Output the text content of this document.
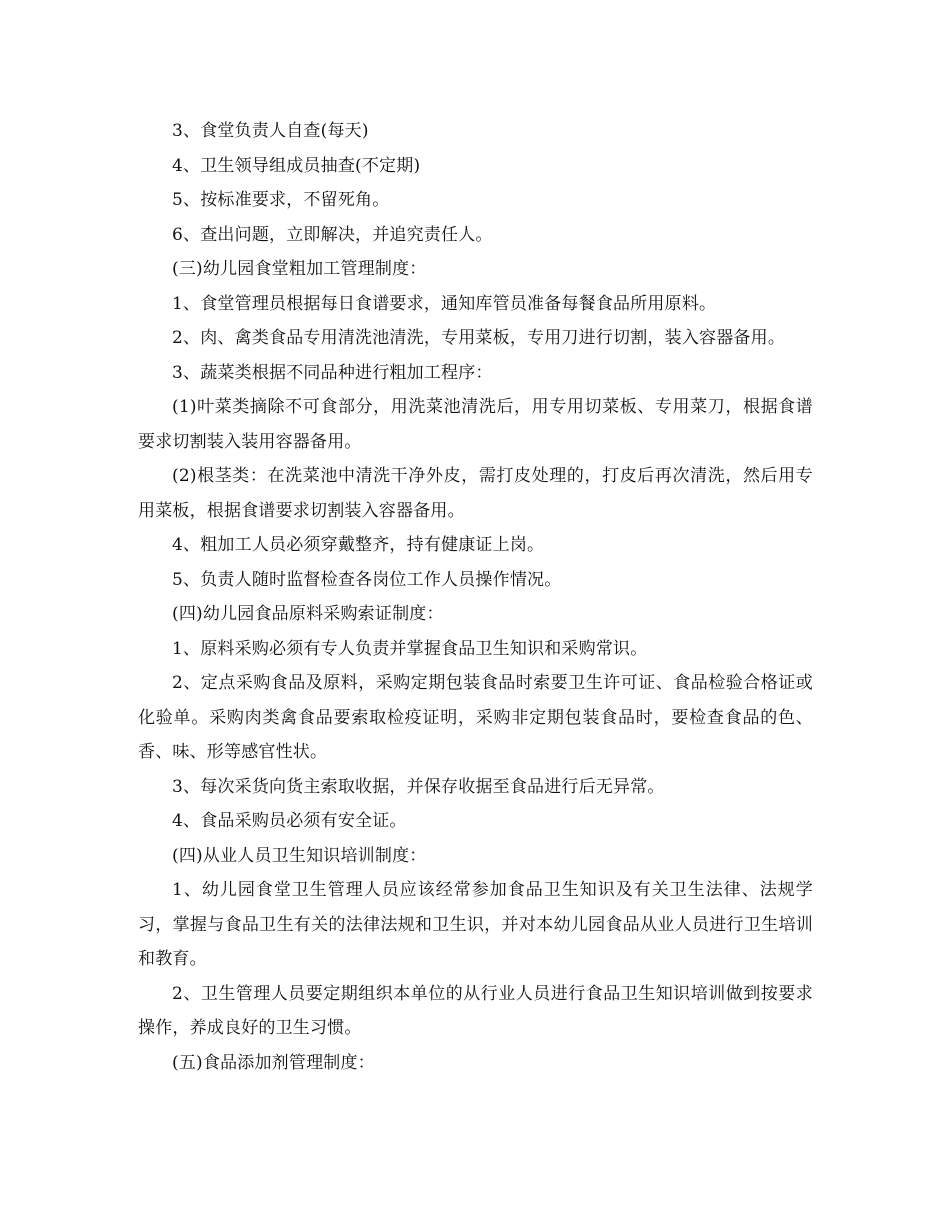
3、食堂负责人自查(每天)

4、卫生领导组成员抽查(不定期)

5、按标准要求，不留死角。

6、查出问题，立即解决，并追究责任人。

(三)幼儿园食堂粗加工管理制度：

1、食堂管理员根据每日食谱要求，通知库管员准备每餐食品所用原料。

2、肉、禽类食品专用清洗池清洗，专用菜板，专用刀进行切割，装入容器备用。

3、蔬菜类根据不同品种进行粗加工程序：

(1)叶菜类摘除不可食部分，用洗菜池清洗后，用专用切菜板、专用菜刀，根据食谱要求切割装入装用容器备用。

(2)根茎类：在洗菜池中清洗干净外皮，需打皮处理的，打皮后再次清洗，然后用专用菜板，根据食谱要求切割装入容器备用。

4、粗加工人员必须穿戴整齐，持有健康证上岗。

5、负责人随时监督检查各岗位工作人员操作情况。

(四)幼儿园食品原料采购索证制度：

1、原料采购必须有专人负责并掌握食品卫生知识和采购常识。

2、定点采购食品及原料，采购定期包装食品时索要卫生许可证、食品检验合格证或化验单。采购肉类禽食品要索取检疫证明，采购非定期包装食品时，要检查食品的色、香、味、形等感官性状。

3、每次采货向货主索取收据，并保存收据至食品进行后无异常。

4、食品采购员必须有安全证。

(四)从业人员卫生知识培训制度：

1、幼儿园食堂卫生管理人员应该经常参加食品卫生知识及有关卫生法律、法规学习，掌握与食品卫生有关的法律法规和卫生识，并对本幼儿园食品从业人员进行卫生培训和教育。

2、卫生管理人员要定期组织本单位的从行业人员进行食品卫生知识培训做到按要求操作，养成良好的卫生习惯。

(五)食品添加剂管理制度：
